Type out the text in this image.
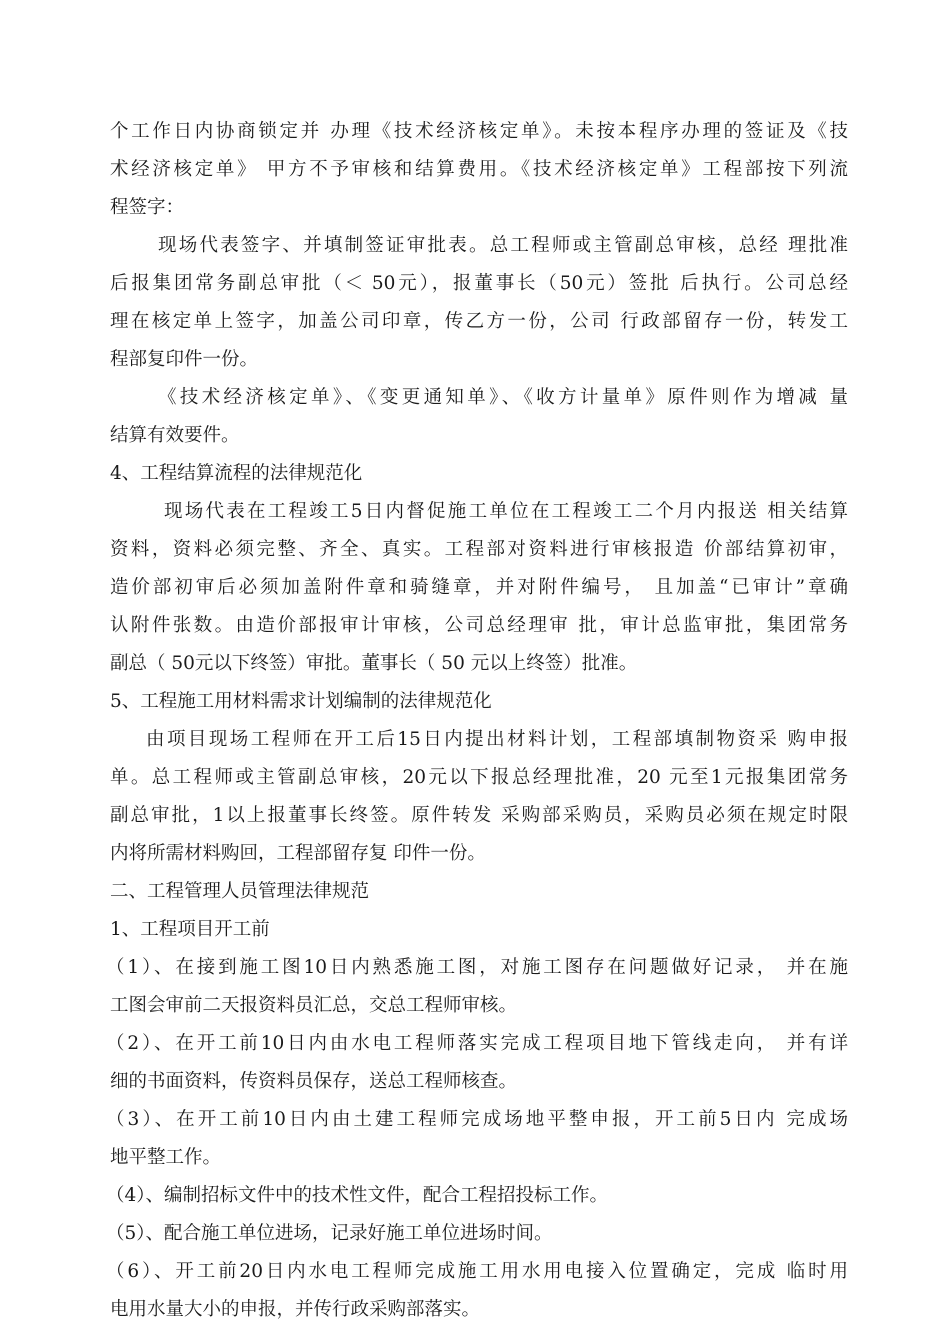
个工作日内协商锁定并 办理《技术经济核定单》。未按本程序办理的签证及《技
术经济核定单》 甲方不予审核和结算费用。《技术经济核定单》工程部按下列流
程签字：
现场代表签字、并填制签证审批表。总工程师或主管副总审核，总经 理批准
后报集团常务副总审批（＜ 50元），报董事长（50元）签批 后执行。公司总经
理在核定单上签字，加盖公司印章，传乙方一份，公司 行政部留存一份，转发工
程部复印件一份。
《技术经济核定单》、《变更通知单》、《收方计量单》原件则作为增减 量
结算有效要件。
4、工程结算流程的法律规范化
现场代表在工程竣工5日内督促施工单位在工程竣工二个月内报送 相关结算
资料，资料必须完整、齐全、真实。工程部对资料进行审核报造 价部结算初审，
造价部初审后必须加盖附件章和骑缝章，并对附件编号， 且加盖“已审计”章确
认附件张数。由造价部报审计审核，公司总经理审 批，审计总监审批，集团常务
副总（ 50元以下终签）审批。董事长（ 50 元以上终签）批准。
5、工程施工用材料需求计划编制的法律规范化
由项目现场工程师在开工后15日内提出材料计划，工程部填制物资采 购申报
单。总工程师或主管副总审核，20元以下报总经理批准，20 元至1元报集团常务
副总审批，1以上报董事长终签。原件转发 采购部采购员，采购员必须在规定时限
内将所需材料购回，工程部留存复 印件一份。
二、工程管理人员管理法律规范
1、工程项目开工前
（1）、在接到施工图10日内熟悉施工图，对施工图存在问题做好记录， 并在施
工图会审前二天报资料员汇总，交总工程师审核。
（2）、在开工前10日内由水电工程师落实完成工程项目地下管线走向， 并有详
细的书面资料，传资料员保存，送总工程师核查。
（3）、在开工前10日内由土建工程师完成场地平整申报，开工前5日内 完成场
地平整工作。
（4）、编制招标文件中的技术性文件，配合工程招投标工作。
（5）、配合施工单位进场，记录好施工单位进场时间。
（6）、开工前20日内水电工程师完成施工用水用电接入位置确定，完成 临时用
电用水量大小的申报，并传行政采购部落实。
